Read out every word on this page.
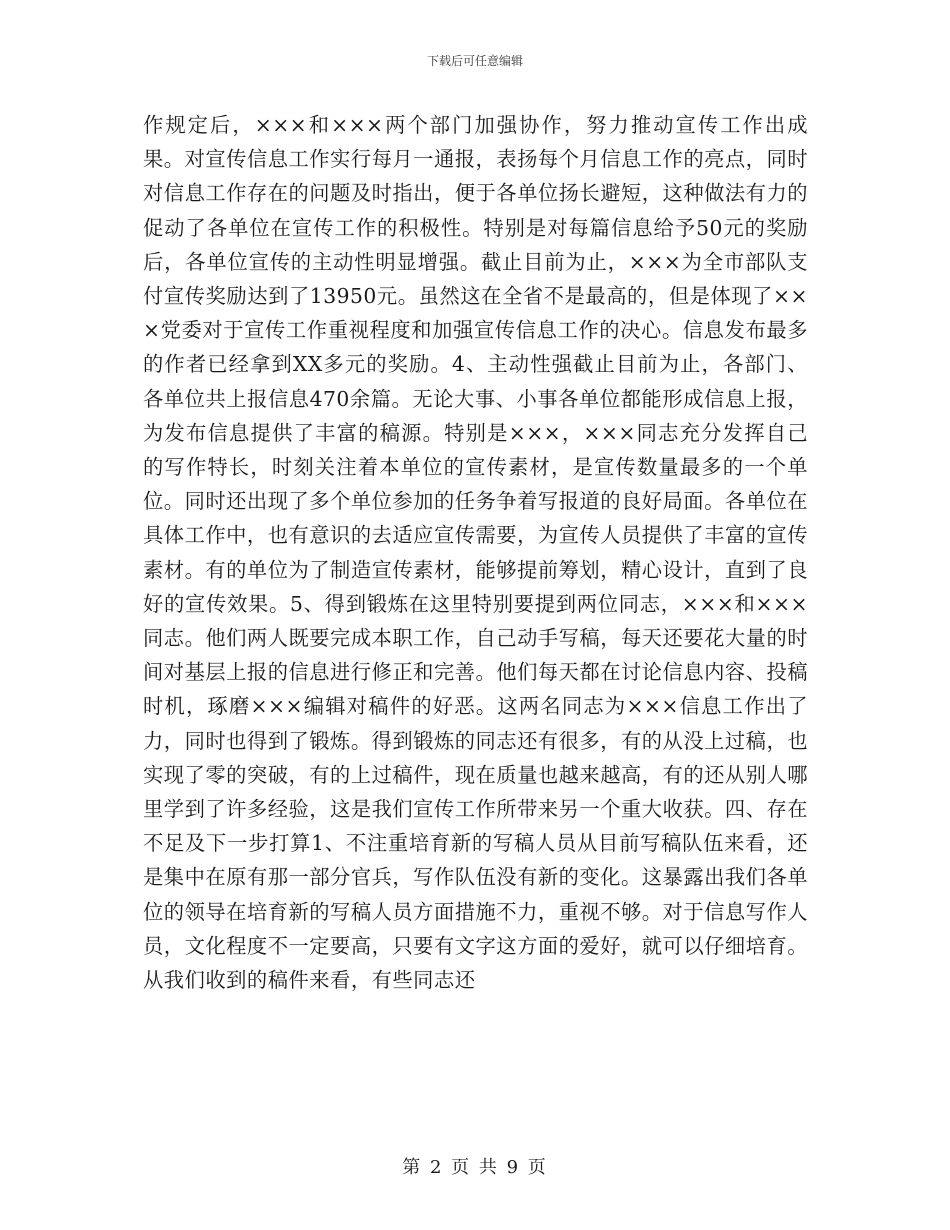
下载后可任意编辑
作规定后，×××和×××两个部门加强协作，努力推动宣传工作出成果。对宣传信息工作实行每月一通报，表扬每个月信息工作的亮点，同时对信息工作存在的问题及时指出，便于各单位扬长避短，这种做法有力的促动了各单位在宣传工作的积极性。特别是对每篇信息给予50元的奖励后，各单位宣传的主动性明显增强。截止目前为止，×××为全市部队支付宣传奖励达到了13950元。虽然这在全省不是最高的，但是体现了×××党委对于宣传工作重视程度和加强宣传信息工作的决心。信息发布最多的作者已经拿到XX多元的奖励。4、主动性强截止目前为止，各部门、各单位共上报信息470余篇。无论大事、小事各单位都能形成信息上报，为发布信息提供了丰富的稿源。特别是×××，×××同志充分发挥自己的写作特长，时刻关注着本单位的宣传素材，是宣传数量最多的一个单位。同时还出现了多个单位参加的任务争着写报道的良好局面。各单位在具体工作中，也有意识的去适应宣传需要，为宣传人员提供了丰富的宣传素材。有的单位为了制造宣传素材，能够提前筹划，精心设计，直到了良好的宣传效果。5、得到锻炼在这里特别要提到两位同志，×××和×××同志。他们两人既要完成本职工作，自己动手写稿，每天还要花大量的时间对基层上报的信息进行修正和完善。他们每天都在讨论信息内容、投稿时机，琢磨×××编辑对稿件的好恶。这两名同志为×××信息工作出了力，同时也得到了锻炼。得到锻炼的同志还有很多，有的从没上过稿，也实现了零的突破，有的上过稿件，现在质量也越来越高，有的还从别人哪里学到了许多经验，这是我们宣传工作所带来另一个重大收获。四、存在不足及下一步打算1、不注重培育新的写稿人员从目前写稿队伍来看，还是集中在原有那一部分官兵，写作队伍没有新的变化。这暴露出我们各单位的领导在培育新的写稿人员方面措施不力，重视不够。对于信息写作人员，文化程度不一定要高，只要有文字这方面的爱好，就可以仔细培育。从我们收到的稿件来看，有些同志还
第 2 页 共 9 页
